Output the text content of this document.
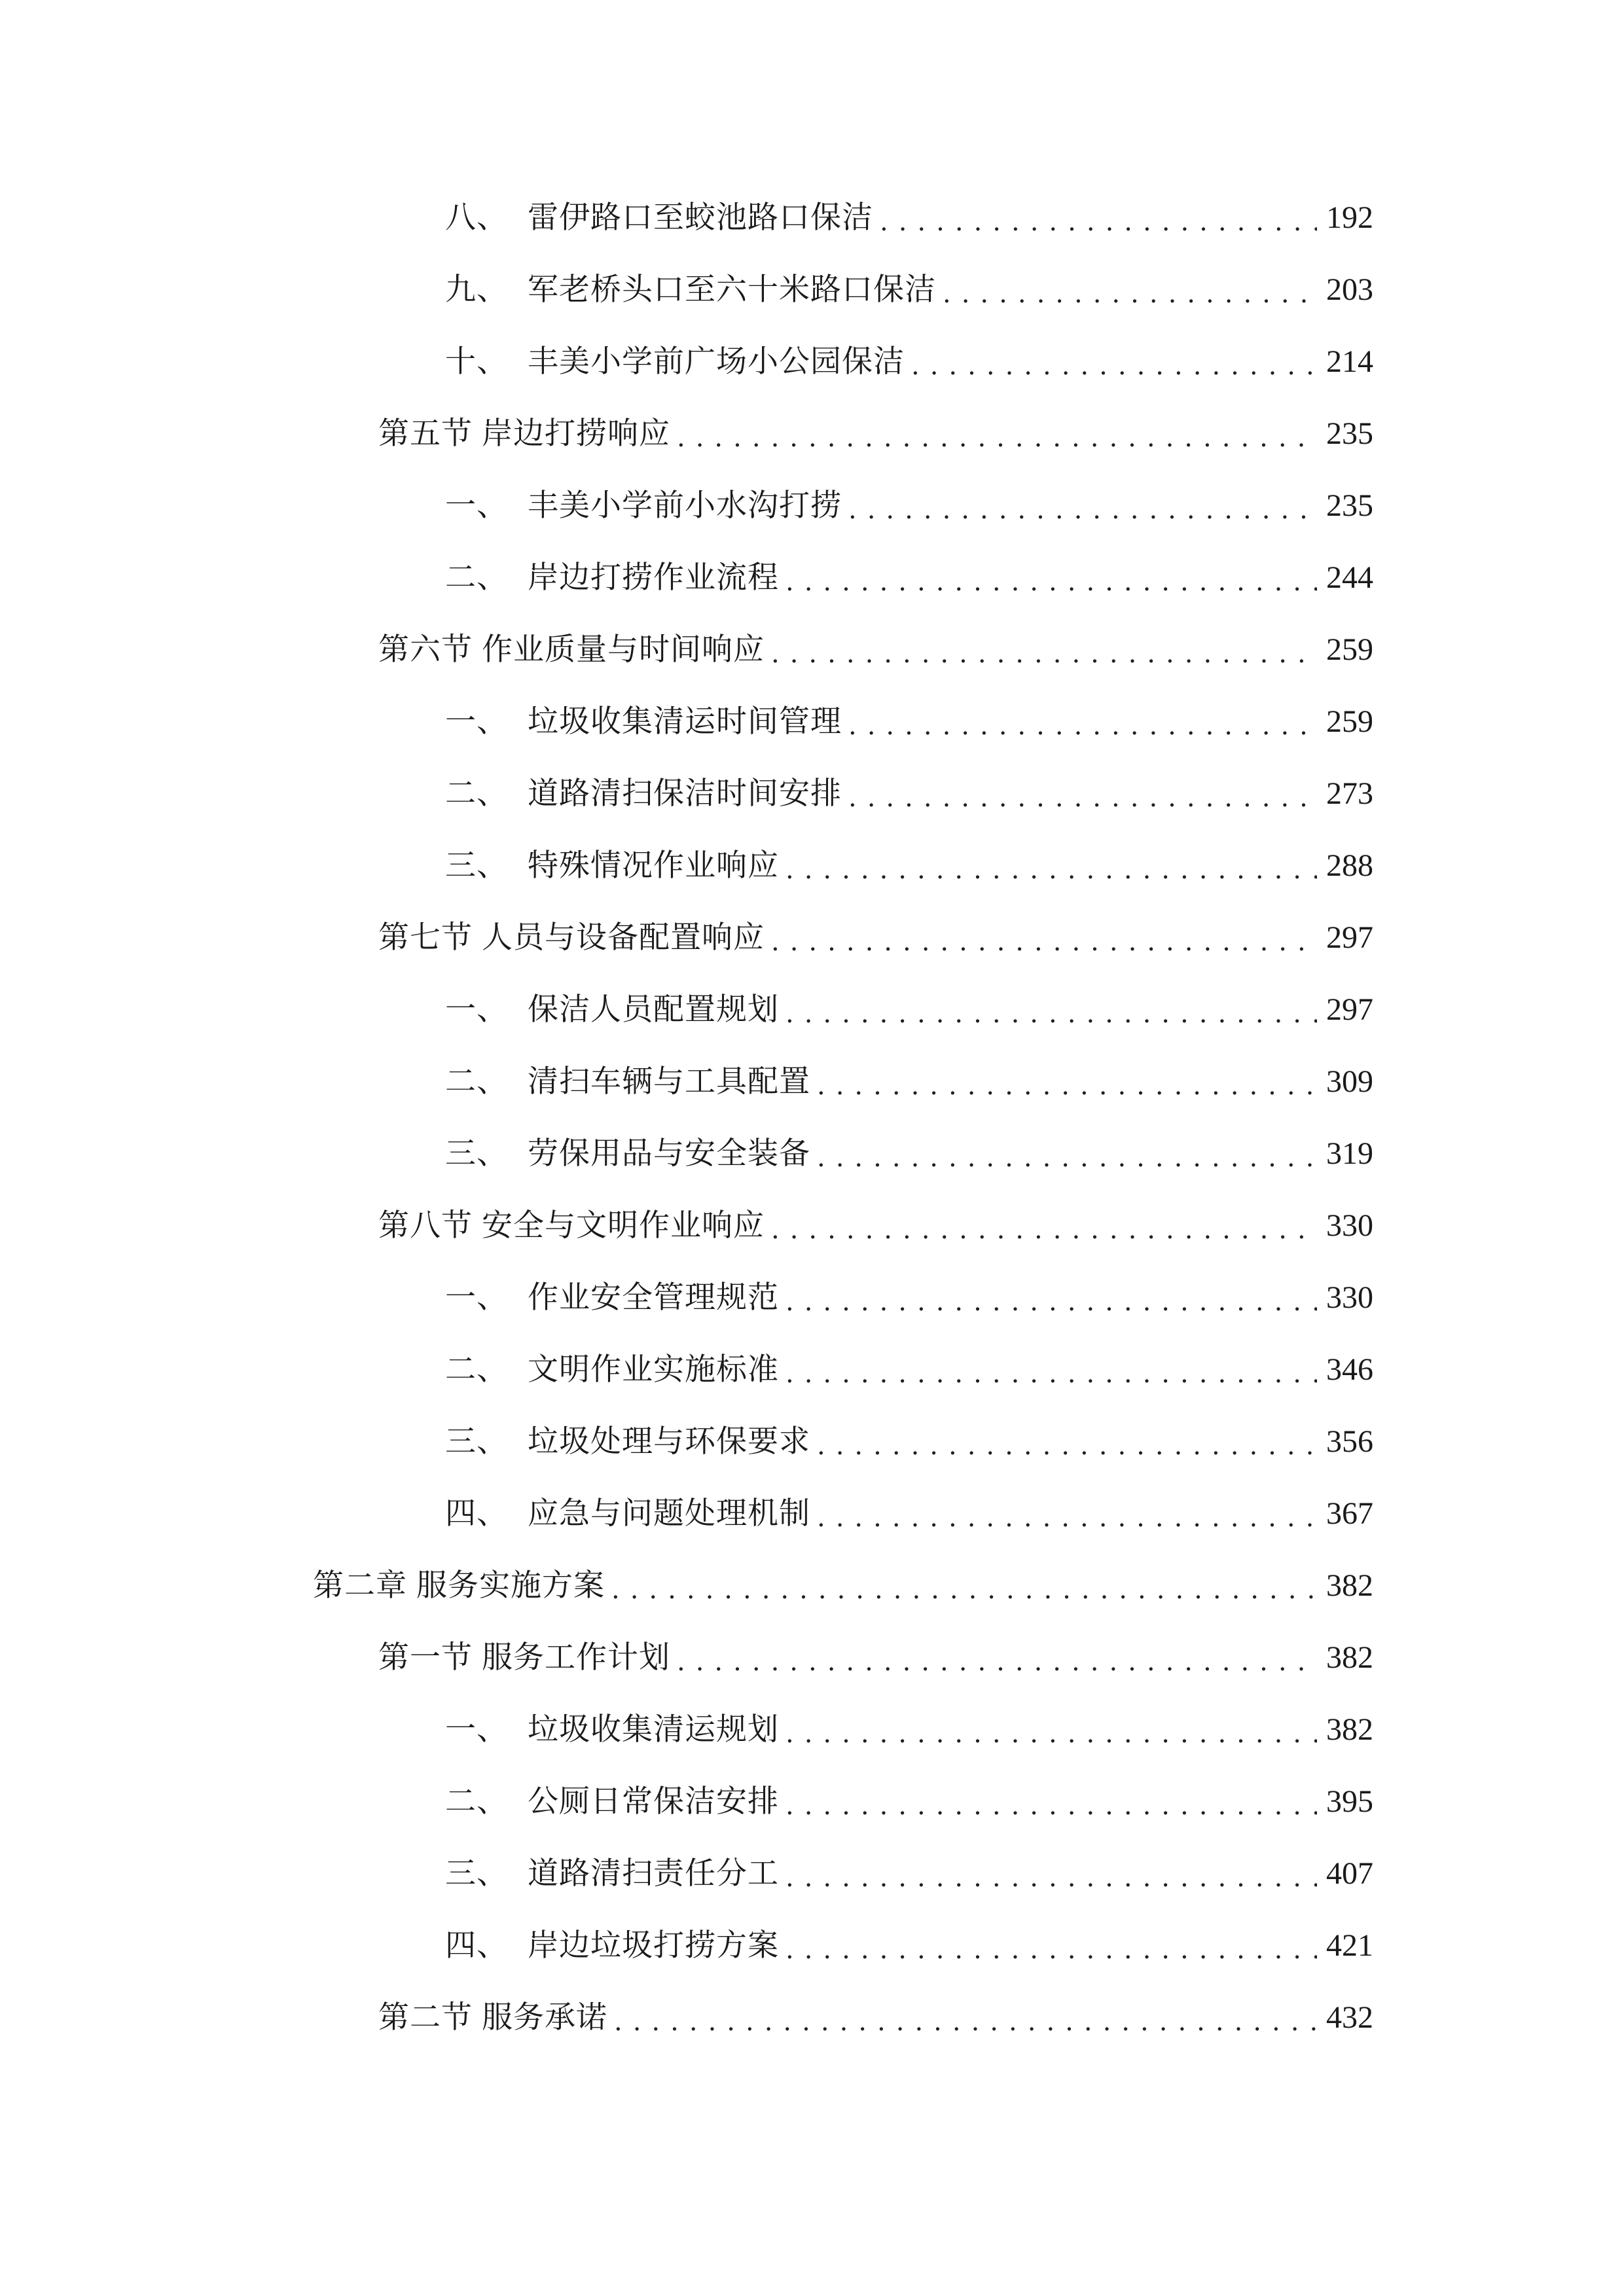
八、 雷伊路口至蛟池路口保洁 .....	192
九、 军老桥头口至六十米路口保洁 .....	203
十、 丰美小学前广场小公园保洁 .....	214
第五节 岸边打捞响应 .....	235
一、 丰美小学前小水沟打捞 .....	235
二、 岸边打捞作业流程 .....	244
第六节 作业质量与时间响应 .....	259
一、 垃圾收集清运时间管理 .....	259
二、 道路清扫保洁时间安排 .....	273
三、 特殊情况作业响应 .....	288
第七节 人员与设备配置响应 .....	297
一、 保洁人员配置规划 .....	297
二、 清扫车辆与工具配置 .....	309
三、 劳保用品与安全装备 .....	319
第八节 安全与文明作业响应 .....	330
一、 作业安全管理规范 .....	330
二、 文明作业实施标准 .....	346
三、 垃圾处理与环保要求 .....	356
四、 应急与问题处理机制 .....	367
第二章 服务实施方案 .....	382
第一节 服务工作计划 .....	382
一、 垃圾收集清运规划 .....	382
二、 公厕日常保洁安排 .....	395
三、 道路清扫责任分工 .....	407
四、 岸边垃圾打捞方案 .....	421
第二节 服务承诺 .....	432
